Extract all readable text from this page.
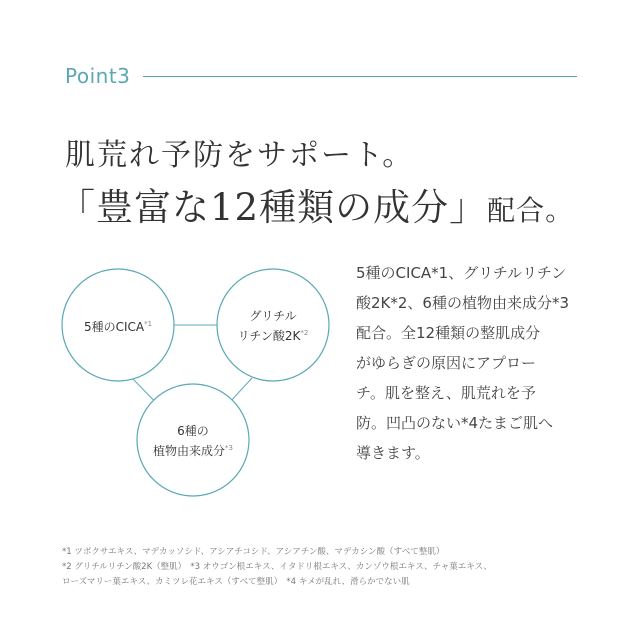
Point3
肌荒れ予防をサポート。
「豊富な12種類の成分」配合。
5種のCICA$^{*1}$
グリチル
リチン酸$2K^{*2}$
6種の
植物由来成分$^{*3}$
5種のCICA*1、グリチルリチン
酸2K*2、6種の植物由来成分*3
配合。全12種類の整肌成分
がゆらぎの原因にアプロー
チ。肌を整え、肌荒れを予
防。凹凸のない*4たまご肌へ
導きます。
*1 ツボクサエキス、マデカッソシド、アシアチコシド、アシアチン酸、マデカシン酸（すべて整肌）
*2 グリチルリチン酸2K（整肌）　*3 オウゴン根エキス、イタドリ根エキス、カンゾウ根エキス、チャ葉エキス、
ローズマリー葉エキス、カミツレ花エキス（すべて整肌）　*4 キメが乱れ、滑らかでない肌
